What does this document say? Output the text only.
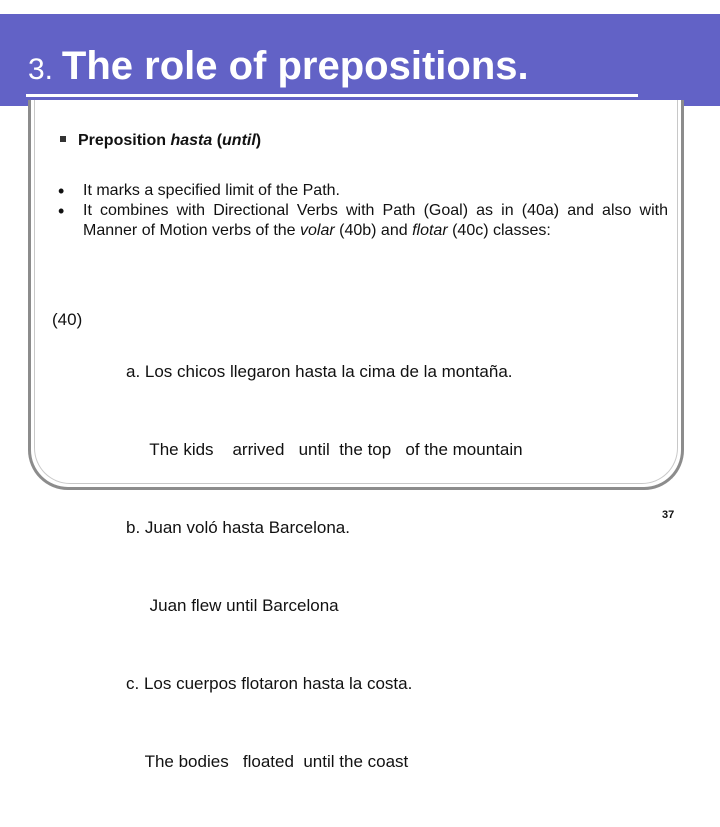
3. The role of prepositions.
Preposition hasta (until)
• It marks a specified limit of the Path.
• It combines with Directional Verbs with Path (Goal) as in (40a) and also with Manner of Motion verbs of the volar (40b) and flotar (40c) classes:
(40)

a. Los chicos llegaron hasta la cima de la montaña.

The kids    arrived   until  the top   of the mountain

b. Juan voló hasta Barcelona.

Juan flew until Barcelona

c. Los cuerpos flotaron hasta la costa.

The bodies   floated  until the coast

37
